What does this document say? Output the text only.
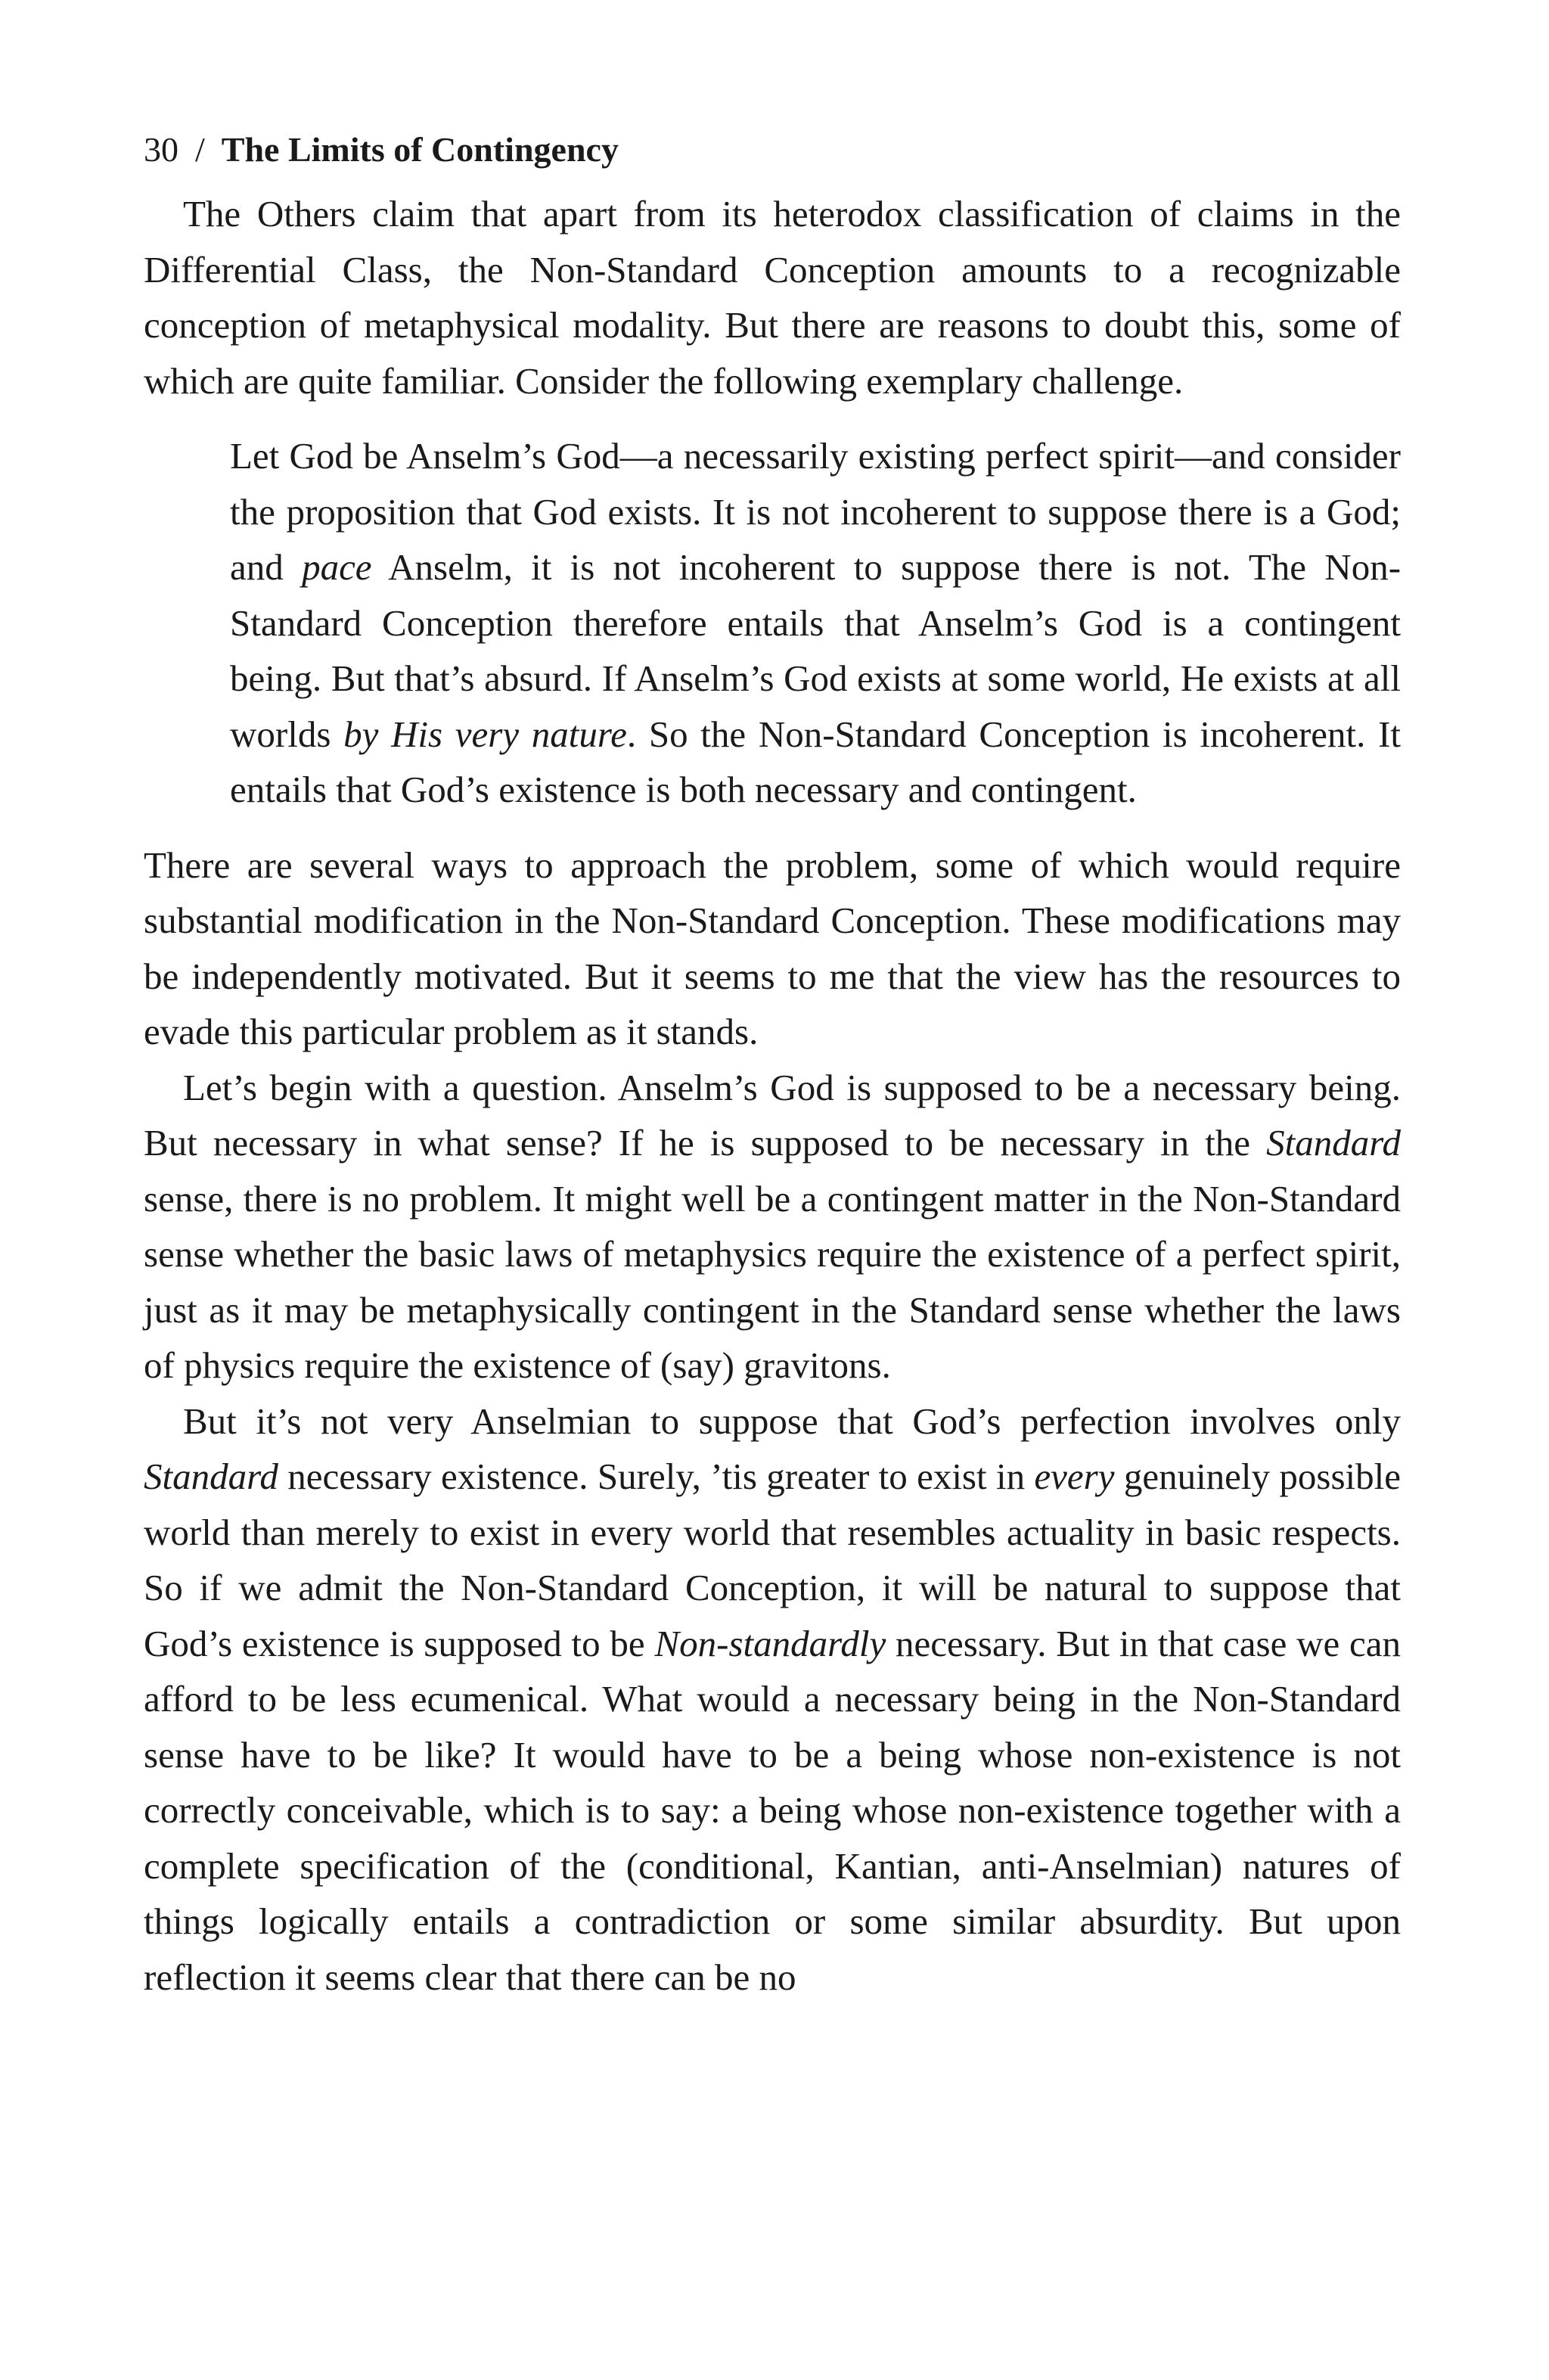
30 / The Limits of Contingency

The Others claim that apart from its heterodox classification of claims in the Differential Class, the Non-Standard Conception amounts to a recognizable conception of metaphysical modality. But there are reasons to doubt this, some of which are quite familiar. Consider the following exemplary challenge.

Let God be Anselm’s God—a necessarily existing perfect spirit—and consider the proposition that God exists. It is not incoherent to suppose there is a God; and pace Anselm, it is not incoherent to suppose there is not. The Non-Standard Conception therefore entails that Anselm’s God is a contingent being. But that’s absurd. If Anselm’s God exists at some world, He exists at all worlds by His very nature. So the Non-Standard Conception is incoherent. It entails that God’s existence is both necessary and contingent.

There are several ways to approach the problem, some of which would require substantial modification in the Non-Standard Conception. These modifications may be independently motivated. But it seems to me that the view has the resources to evade this particular problem as it stands.

Let’s begin with a question. Anselm’s God is supposed to be a necessary being. But necessary in what sense? If he is supposed to be necessary in the Standard sense, there is no problem. It might well be a contingent matter in the Non-Standard sense whether the basic laws of metaphysics require the existence of a perfect spirit, just as it may be metaphysically contingent in the Standard sense whether the laws of physics require the existence of (say) gravitons.

But it’s not very Anselmian to suppose that God’s perfection involves only Standard necessary existence. Surely, ’tis greater to exist in every genuinely possible world than merely to exist in every world that resembles actuality in basic respects. So if we admit the Non-Standard Conception, it will be natural to suppose that God’s existence is supposed to be Non-standardly necessary. But in that case we can afford to be less ecumenical. What would a necessary being in the Non-Standard sense have to be like? It would have to be a being whose non-existence is not correctly conceivable, which is to say: a being whose non-existence together with a complete specification of the (conditional, Kantian, anti-Anselmian) natures of things logically entails a contradiction or some similar absurdity. But upon reflection it seems clear that there can be no
